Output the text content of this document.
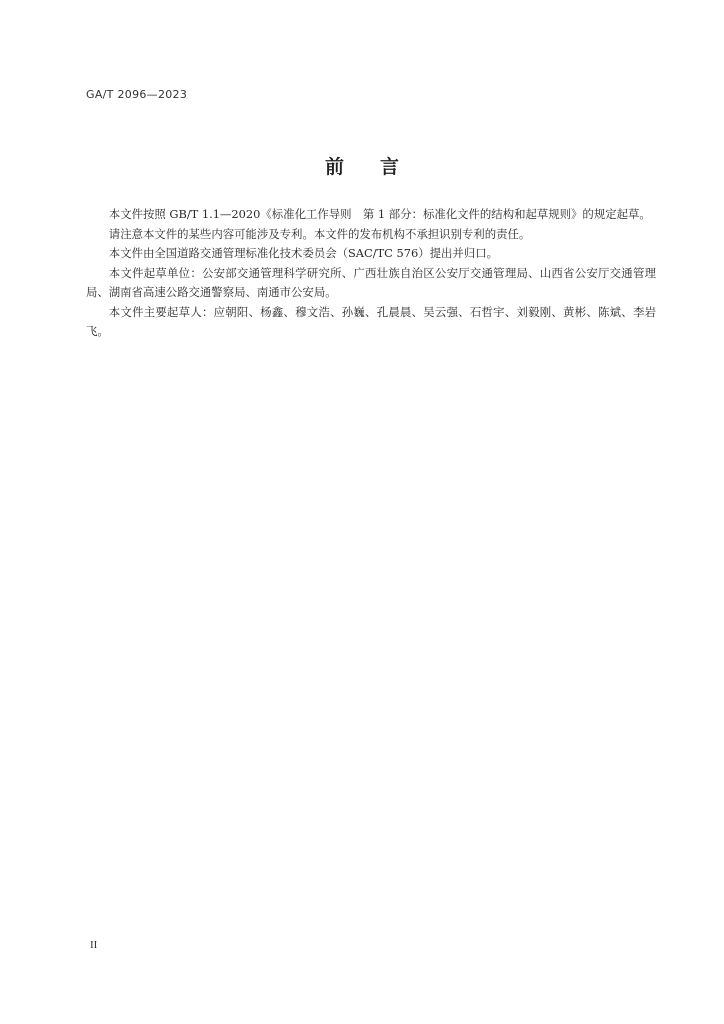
GA/T 2096—2023
前 言

本文件按照 GB/T 1.1—2020《标准化工作导则　第 1 部分：标准化文件的结构和起草规则》的规定起草。

请注意本文件的某些内容可能涉及专利。本文件的发布机构不承担识别专利的责任。

本文件由全国道路交通管理标准化技术委员会（SAC/TC 576）提出并归口。

本文件起草单位：公安部交通管理科学研究所、广西壮族自治区公安厅交通管理局、山西省公安厅交通管理局、湖南省高速公路交通警察局、南通市公安局。

本文件主要起草人：应朝阳、杨鑫、穆文浩、孙巍、孔晨晨、吴云强、石哲宇、刘毅刚、黄彬、陈斌、李岩飞。

II
